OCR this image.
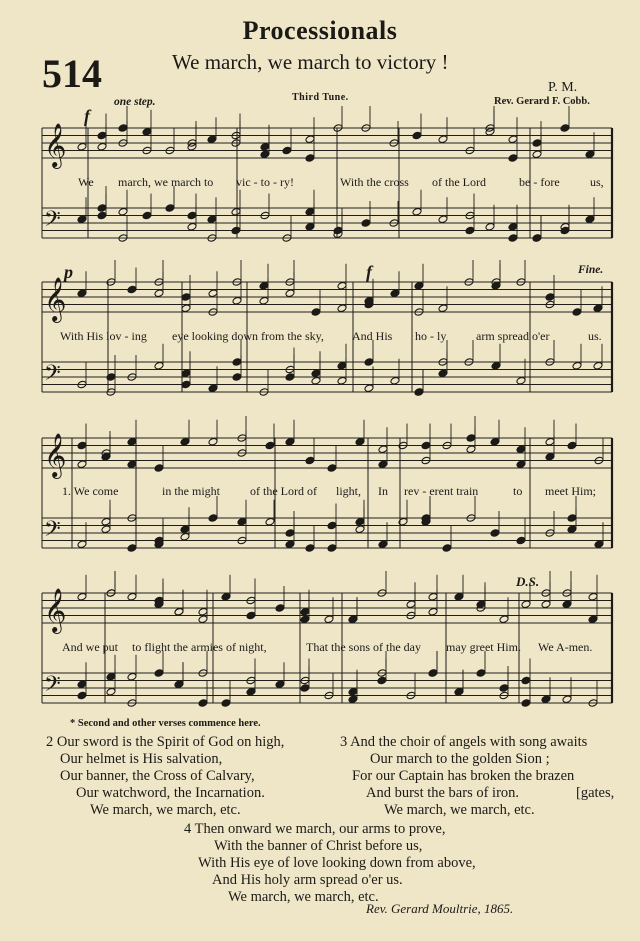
Processionals
514	We march, we march to victory !
P. M.
Third Tune.	Rev. Gerard F. Cobb.
𝄞
𝄢
𝄞
𝄢
𝄞
𝄢
𝄞
𝄢
f
one step.
p	f	Fine.
D.S.
We march, we march to vic - to - ry!	With the cross of the Lord	be - fore	us,
With His lov - ing eye looking down from the sky, And His ho - ly arm spread o'er	us.
1. We come	in the might	of the Lord of light, In rev - erent train	to meet Him;
And we put to flight the armies of night,	That the sons of the day may greet Him. We A-men.
* Second and other verses commence here.
2 Our sword is the Spirit of God on high,
Our helmet is His salvation,
Our banner, the Cross of Calvary,
Our watchword, the Incarnation.
We march, we march, etc.
3 And the choir of angels with song awaits
Our march to the golden Sion ;
For our Captain has broken the brazen
And burst the bars of iron.
We march, we march, etc.
[gates,
4 Then onward we march, our arms to prove,
With the banner of Christ before us,
With His eye of love looking down from above,
And His holy arm spread o'er us.
We march, we march, etc.
Rev. Gerard Moultrie, 1865.
